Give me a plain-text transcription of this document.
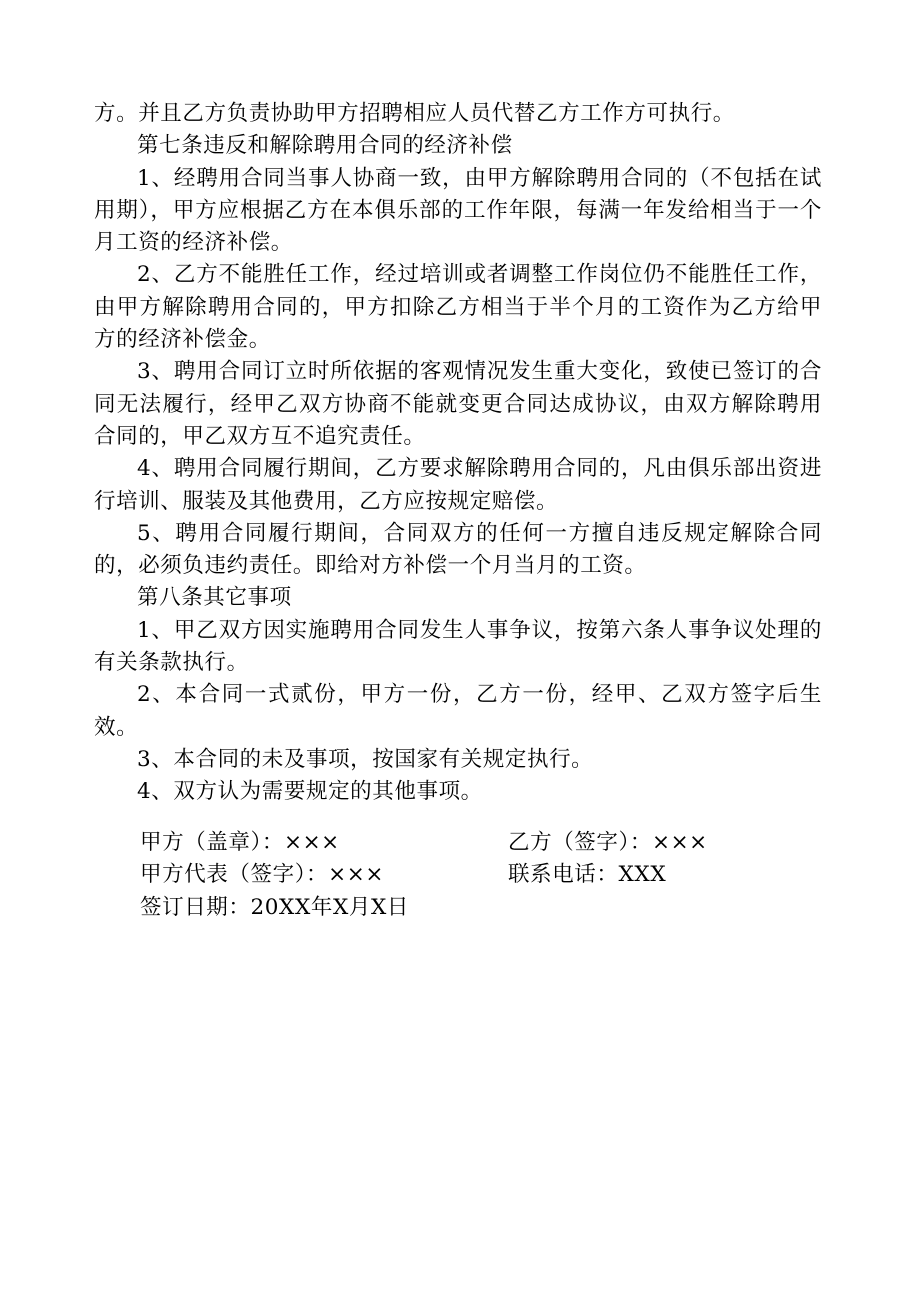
方。并且乙方负责协助甲方招聘相应人员代替乙方工作方可执行。

第七条违反和解除聘用合同的经济补偿

1、经聘用合同当事人协商一致，由甲方解除聘用合同的（不包括在试用期），甲方应根据乙方在本俱乐部的工作年限，每满一年发给相当于一个月工资的经济补偿。

2、乙方不能胜任工作，经过培训或者调整工作岗位仍不能胜任工作，由甲方解除聘用合同的，甲方扣除乙方相当于半个月的工资作为乙方给甲方的经济补偿金。

3、聘用合同订立时所依据的客观情况发生重大变化，致使已签订的合同无法履行，经甲乙双方协商不能就变更合同达成协议，由双方解除聘用合同的，甲乙双方互不追究责任。

4、聘用合同履行期间，乙方要求解除聘用合同的，凡由俱乐部出资进行培训、服装及其他费用，乙方应按规定赔偿。

5、聘用合同履行期间，合同双方的任何一方擅自违反规定解除合同的，必须负违约责任。即给对方补偿一个月当月的工资。

第八条其它事项

1、甲乙双方因实施聘用合同发生人事争议，按第六条人事争议处理的有关条款执行。

2、本合同一式贰份，甲方一份，乙方一份，经甲、乙双方签字后生效。

3、本合同的未及事项，按国家有关规定执行。

4、双方认为需要规定的其他事项。

甲方（盖章）：×××	乙方（签字）：×××
甲方代表（签字）：×××	联系电话：XXX
签订日期：20XX年X月X日
